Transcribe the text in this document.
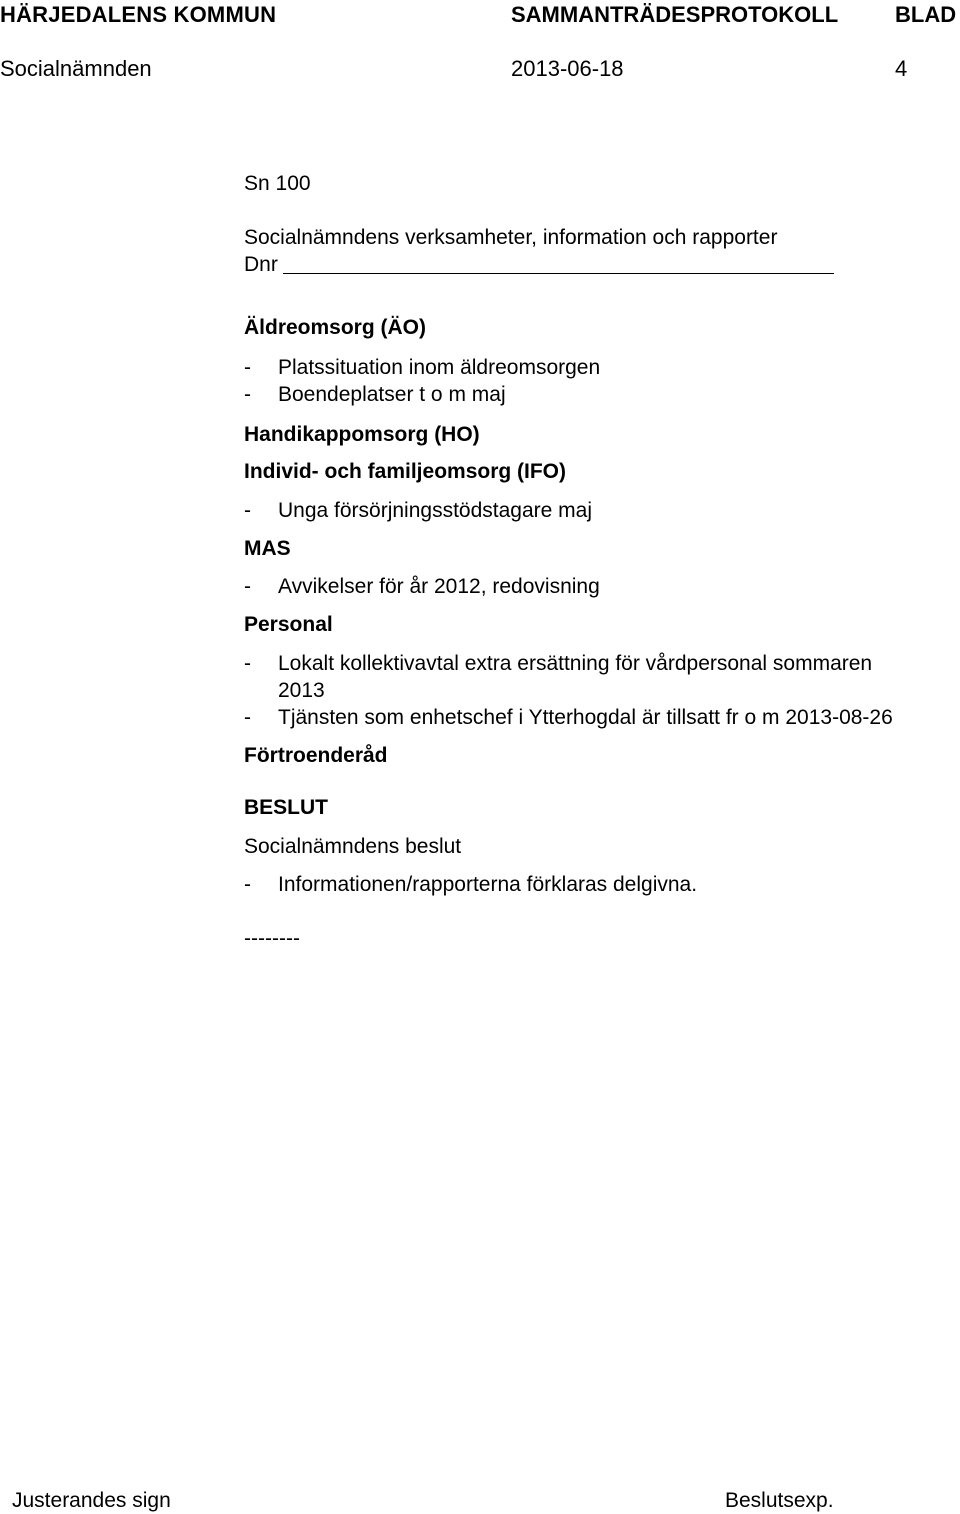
HÄRJEDALENS KOMMUN	SAMMANTRÄDESPROTOKOLL	BLAD
Socialnämnden	2013-06-18	4
Sn 100
Socialnämndens verksamheter, information och rapporter
Dnr
Äldreomsorg (ÄO)
- Platssituation inom äldreomsorgen
- Boendeplatser t o m maj
Handikappomsorg (HO)
Individ- och familjeomsorg (IFO)
- Unga försörjningsstödstagare maj
MAS
- Avvikelser för år 2012, redovisning
Personal
- Lokalt kollektivavtal extra ersättning för vårdpersonal sommaren
2013
- Tjänsten som enhetschef i Ytterhogdal är tillsatt fr o m 2013-08-26
Förtroenderåd
BESLUT
Socialnämndens beslut
- Informationen/rapporterna förklaras delgivna.
--------
Justerandes sign	Beslutsexp.
